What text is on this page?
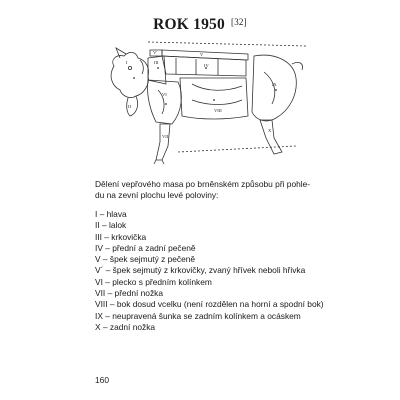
ROK 1950 [32]
I
II
III
IV
V
V'
VI
VII
VIII
IX
X
Dělení vepřového masa po brněnském způsobu při pohle-
du na zevní plochu levé poloviny:
I – hlava
II – lalok
III – krkovička
IV – přední a zadní pečeně
V – špek sejmutý z pečeně
V´ – špek sejmutý z krkovičky, zvaný hřívek neboli hřivka
VI – plecko s předním kolínkem
VII – přední nožka
VIII – bok dosud vcelku (není rozdělen na horní a spodní bok)
IX – neupravená šunka se zadním kolínkem a ocáskem
X – zadní nožka
160
